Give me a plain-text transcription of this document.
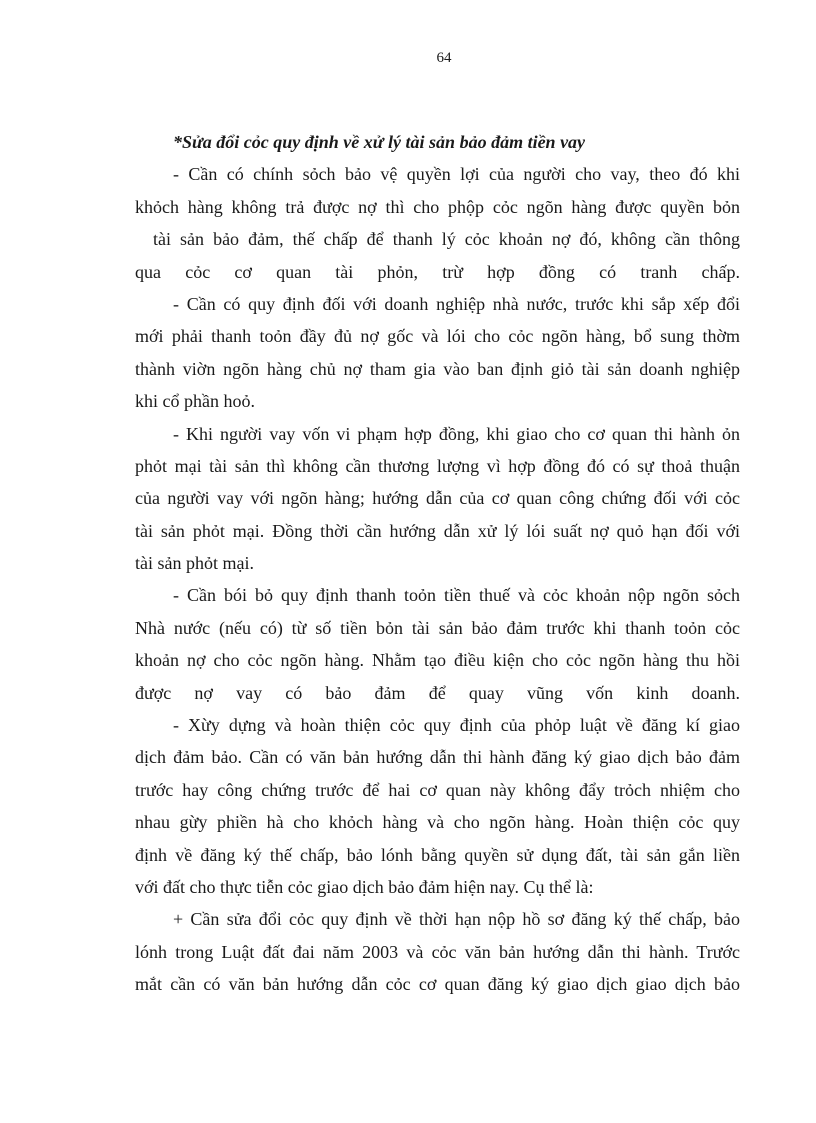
64
*Sửa đổi cỏc quy định về xử lý tài sản bảo đảm tiền vay
- Cần có chính sỏch bảo vệ quyền lợi của người cho vay, theo đó khi
khỏch hàng không trả được nợ thì cho phộp cỏc ngõn hàng được quyền bỏn
tài sản bảo đảm, thế chấp để thanh lý cỏc khoản nợ đó, không cần thông
qua cỏc cơ quan tài phỏn, trừ hợp đồng có tranh chấp.
- Cần có quy định đối với doanh nghiệp nhà nước, trước khi sắp xếp đổi
mới phải thanh toỏn đầy đủ nợ gốc và lói cho cỏc ngõn hàng, bổ sung thờm
thành viờn ngõn hàng chủ nợ tham gia vào ban định giỏ tài sản doanh nghiệp
khi cổ phần hoỏ.
- Khi người vay vốn vi phạm hợp đồng, khi giao cho cơ quan thi hành ỏn
phỏt mại tài sản thì không cần thương lượng vì hợp đồng đó có sự thoả thuận
của người vay với ngõn hàng; hướng dẫn của cơ quan công chứng đối với cỏc
tài sản phỏt mại. Đồng thời cần hướng dẫn xử lý lói suất nợ quỏ hạn đối với
tài sản phỏt mại.
- Cần bói bỏ quy định thanh toỏn tiền thuế và cỏc khoản nộp ngõn sỏch
Nhà nước (nếu có) từ số tiền bỏn tài sản bảo đảm trước khi thanh toỏn cỏc
khoản nợ cho cỏc ngõn hàng. Nhằm tạo điều kiện cho cỏc ngõn hàng thu hồi
được nợ vay có bảo đảm để quay vũng vốn kinh doanh.
- Xừy dựng và hoàn thiện cỏc quy định của phỏp luật về đăng kí giao
dịch đảm bảo. Cần có văn bản hướng dẫn thi hành đăng ký giao dịch bảo đảm
trước hay công chứng trước để hai cơ quan này không đẩy trỏch nhiệm cho
nhau gừy phiền hà cho khỏch hàng và cho ngõn hàng. Hoàn thiện cỏc quy
định về đăng ký thế chấp, bảo lónh bằng quyền sử dụng đất, tài sản gắn liền
với đất cho thực tiễn cỏc giao dịch bảo đảm hiện nay. Cụ thể là:
+ Cần sửa đổi cỏc quy định về thời hạn nộp hồ sơ đăng ký thế chấp, bảo
lónh trong Luật đất đai năm 2003 và cỏc văn bản hướng dẫn thi hành. Trước
mắt cần có văn bản hướng dẫn cỏc cơ quan đăng ký giao dịch giao dịch bảo
